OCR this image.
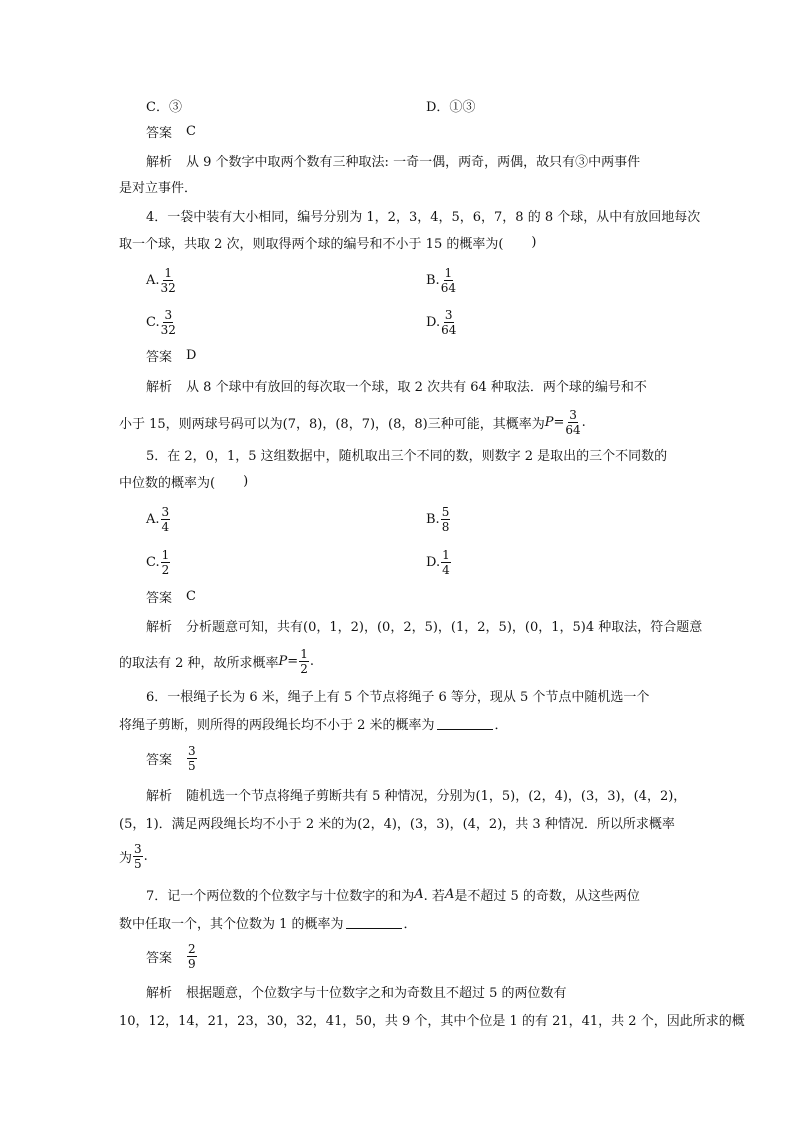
C．③	D．①③
答案 C
解析 从 9 个数字中取两个数有三种取法: 一奇一偶，两奇，两偶，故只有③中两事件
是对立事件．
4．一袋中装有大小相同，编号分别为 1，2，3，4，5，6，7，8 的 8 个球，从中有放回地每次
取一个球，共取 2 次，则取得两个球的编号和不小于 15 的概率为( )
A. $\frac{1}{32}$	B. $\frac{1}{64}$
C. $\frac{3}{32}$	D. $\frac{3}{64}$
答案 D
解析 从 8 个球中有放回的每次取一个球，取 2 次共有 64 种取法．两个球的编号和不
小于 15，则两球号码可以为(7，8)，(8，7)，(8，8)三种可能，其概率为 $P = \frac{3}{64}$ .
5．在 2，0，1，5 这组数据中，随机取出三个不同的数，则数字 2 是取出的三个不同数的
中位数的概率为( )
A. $\frac{3}{4}$	B. $\frac{5}{8}$
C. $\frac{1}{2}$	D. $\frac{1}{4}$
答案 C
解析 分析题意可知，共有(0，1，2)，(0，2，5)，(1，2，5)，(0，1，5)4 种取法，符合题意
的取法有 2 种，故所求概率 $P = \frac{1}{2}$ .
6．一根绳子长为 6 米，绳子上有 5 个节点将绳子 6 等分，现从 5 个节点中随机选一个
将绳子剪断，则所得的两段绳长均不小于 2 米的概率为	．
答案 $\frac{3}{5}$
解析 随机选一个节点将绳子剪断共有 5 种情况，分别为(1，5)，(2，4)，(3，3)，(4，2)，
(5，1)．满足两段绳长均不小于 2 米的为(2，4)，(3，3)，(4，2)，共 3 种情况．所以所求概率
为 $\frac{3}{5}$ .
7．记一个两位数的个位数字与十位数字的和为 A . 若 A 是不超过 5 的奇数，从这些两位
数中任取一个，其个位数为 1 的概率为	．
答案 $\frac{2}{9}$
解析 根据题意，个位数字与十位数字之和为奇数且不超过 5 的两位数有
10，12，14，21，23，30，32，41，50，共 9 个，其中个位是 1 的有 21，41，共 2 个，因此所求的概
